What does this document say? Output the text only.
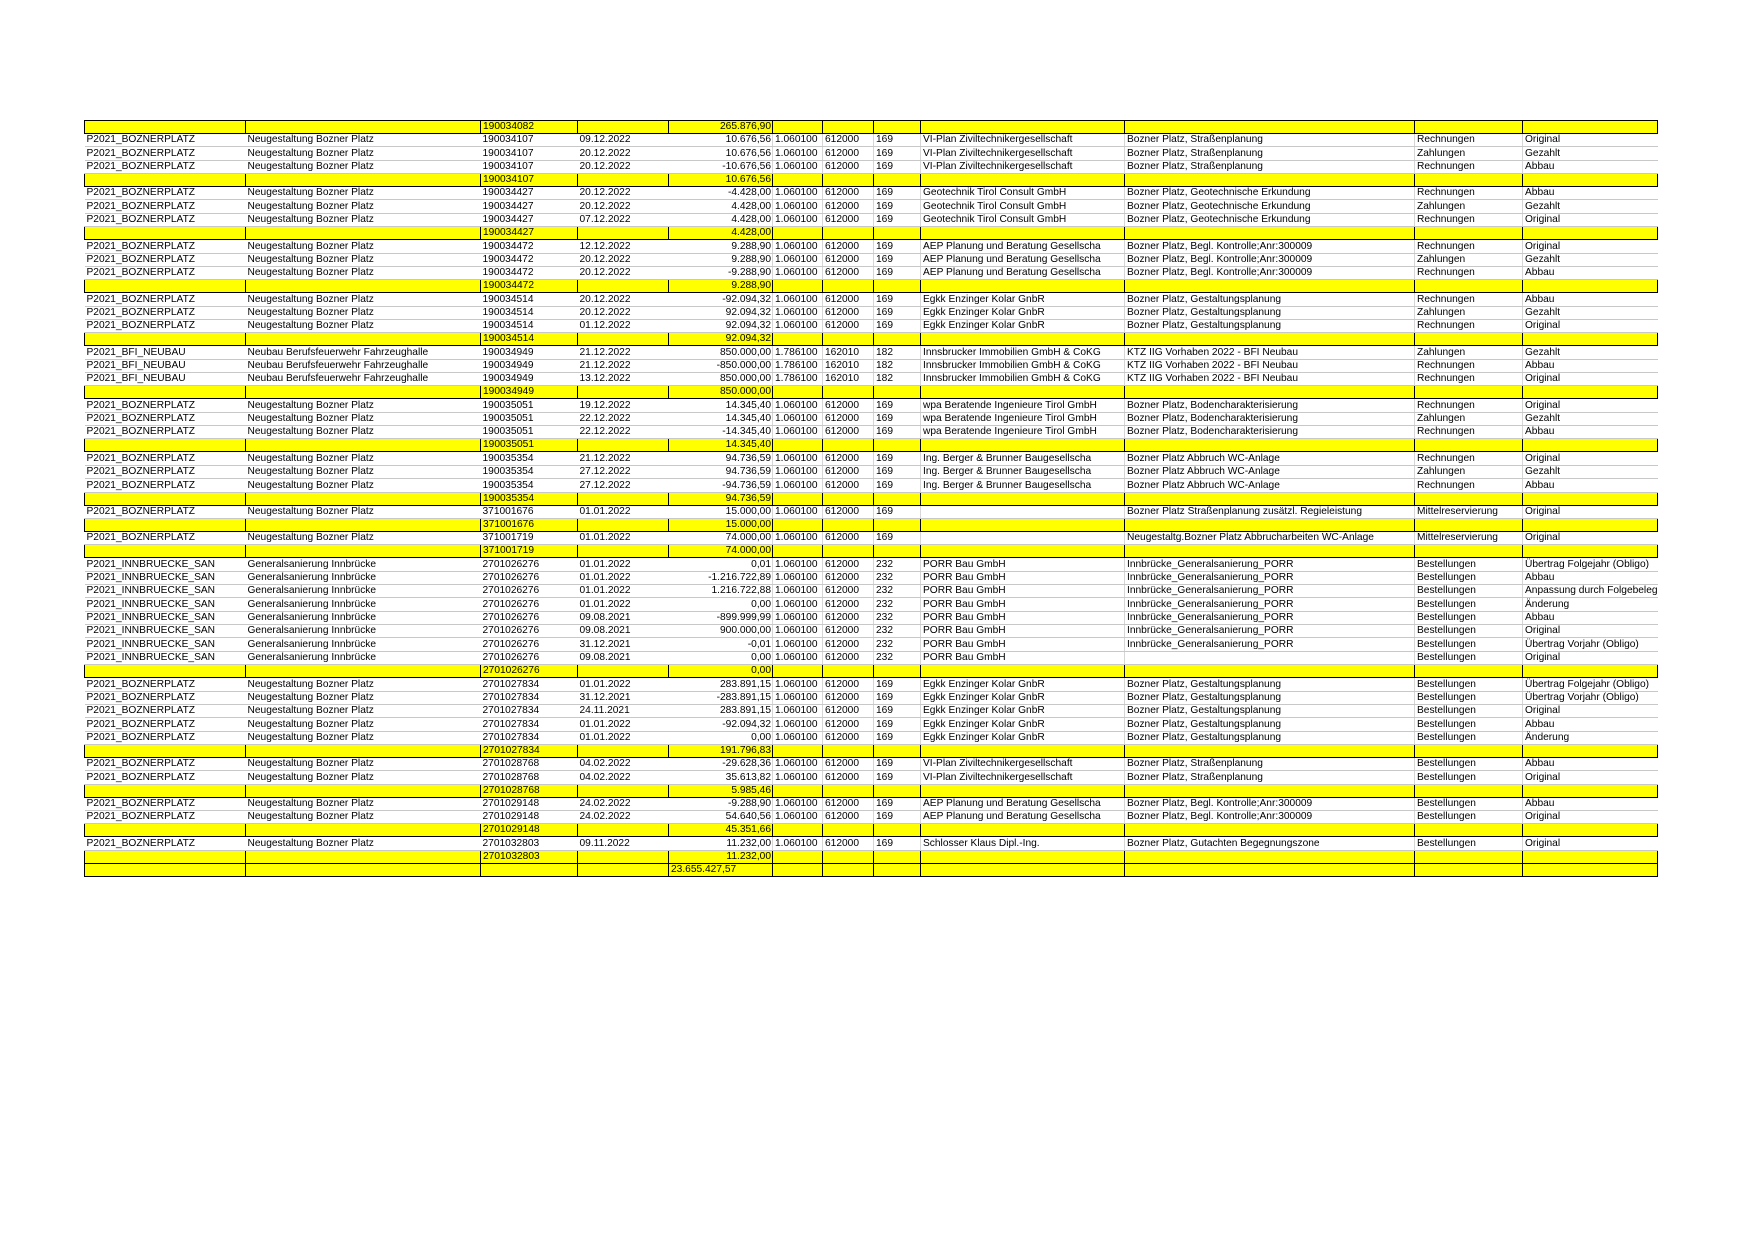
		190034082		265.876,90							
P2021_BOZNERPLATZ	Neugestaltung Bozner Platz	190034107	09.12.2022	10.676,56	1.060100	612000	169	VI-Plan Ziviltechnikergesellschaft	Bozner Platz, Straßenplanung	Rechnungen	Original
P2021_BOZNERPLATZ	Neugestaltung Bozner Platz	190034107	20.12.2022	10.676,56	1.060100	612000	169	VI-Plan Ziviltechnikergesellschaft	Bozner Platz, Straßenplanung	Zahlungen	Gezahlt
P2021_BOZNERPLATZ	Neugestaltung Bozner Platz	190034107	20.12.2022	-10.676,56	1.060100	612000	169	VI-Plan Ziviltechnikergesellschaft	Bozner Platz, Straßenplanung	Rechnungen	Abbau
		190034107		10.676,56							
P2021_BOZNERPLATZ	Neugestaltung Bozner Platz	190034427	20.12.2022	-4.428,00	1.060100	612000	169	Geotechnik Tirol Consult GmbH	Bozner Platz, Geotechnische Erkundung	Rechnungen	Abbau
P2021_BOZNERPLATZ	Neugestaltung Bozner Platz	190034427	20.12.2022	4.428,00	1.060100	612000	169	Geotechnik Tirol Consult GmbH	Bozner Platz, Geotechnische Erkundung	Zahlungen	Gezahlt
P2021_BOZNERPLATZ	Neugestaltung Bozner Platz	190034427	07.12.2022	4.428,00	1.060100	612000	169	Geotechnik Tirol Consult GmbH	Bozner Platz, Geotechnische Erkundung	Rechnungen	Original
		190034427		4.428,00							
P2021_BOZNERPLATZ	Neugestaltung Bozner Platz	190034472	12.12.2022	9.288,90	1.060100	612000	169	AEP Planung und Beratung Gesellscha	Bozner Platz, Begl. Kontrolle;Anr:300009	Rechnungen	Original
P2021_BOZNERPLATZ	Neugestaltung Bozner Platz	190034472	20.12.2022	9.288,90	1.060100	612000	169	AEP Planung und Beratung Gesellscha	Bozner Platz, Begl. Kontrolle;Anr:300009	Zahlungen	Gezahlt
P2021_BOZNERPLATZ	Neugestaltung Bozner Platz	190034472	20.12.2022	-9.288,90	1.060100	612000	169	AEP Planung und Beratung Gesellscha	Bozner Platz, Begl. Kontrolle;Anr:300009	Rechnungen	Abbau
		190034472		9.288,90							
P2021_BOZNERPLATZ	Neugestaltung Bozner Platz	190034514	20.12.2022	-92.094,32	1.060100	612000	169	Egkk Enzinger Kolar GnbR	Bozner Platz, Gestaltungsplanung	Rechnungen	Abbau
P2021_BOZNERPLATZ	Neugestaltung Bozner Platz	190034514	20.12.2022	92.094,32	1.060100	612000	169	Egkk Enzinger Kolar GnbR	Bozner Platz, Gestaltungsplanung	Zahlungen	Gezahlt
P2021_BOZNERPLATZ	Neugestaltung Bozner Platz	190034514	01.12.2022	92.094,32	1.060100	612000	169	Egkk Enzinger Kolar GnbR	Bozner Platz, Gestaltungsplanung	Rechnungen	Original
		190034514		92.094,32							
P2021_BFI_NEUBAU	Neubau Berufsfeuerwehr Fahrzeughalle	190034949	21.12.2022	850.000,00	1.786100	162010	182	Innsbrucker Immobilien GmbH & CoKG	KTZ IIG Vorhaben 2022 - BFI Neubau	Zahlungen	Gezahlt
P2021_BFI_NEUBAU	Neubau Berufsfeuerwehr Fahrzeughalle	190034949	21.12.2022	-850.000,00	1.786100	162010	182	Innsbrucker Immobilien GmbH & CoKG	KTZ IIG Vorhaben 2022 - BFI Neubau	Rechnungen	Abbau
P2021_BFI_NEUBAU	Neubau Berufsfeuerwehr Fahrzeughalle	190034949	13.12.2022	850.000,00	1.786100	162010	182	Innsbrucker Immobilien GmbH & CoKG	KTZ IIG Vorhaben 2022 - BFI Neubau	Rechnungen	Original
		190034949		850.000,00							
P2021_BOZNERPLATZ	Neugestaltung Bozner Platz	190035051	19.12.2022	14.345,40	1.060100	612000	169	wpa Beratende Ingenieure Tirol GmbH	Bozner Platz, Bodencharakterisierung	Rechnungen	Original
P2021_BOZNERPLATZ	Neugestaltung Bozner Platz	190035051	22.12.2022	14.345,40	1.060100	612000	169	wpa Beratende Ingenieure Tirol GmbH	Bozner Platz, Bodencharakterisierung	Zahlungen	Gezahlt
P2021_BOZNERPLATZ	Neugestaltung Bozner Platz	190035051	22.12.2022	-14.345,40	1.060100	612000	169	wpa Beratende Ingenieure Tirol GmbH	Bozner Platz, Bodencharakterisierung	Rechnungen	Abbau
		190035051		14.345,40							
P2021_BOZNERPLATZ	Neugestaltung Bozner Platz	190035354	21.12.2022	94.736,59	1.060100	612000	169	Ing. Berger & Brunner Baugesellscha	Bozner Platz Abbruch WC-Anlage	Rechnungen	Original
P2021_BOZNERPLATZ	Neugestaltung Bozner Platz	190035354	27.12.2022	94.736,59	1.060100	612000	169	Ing. Berger & Brunner Baugesellscha	Bozner Platz Abbruch WC-Anlage	Zahlungen	Gezahlt
P2021_BOZNERPLATZ	Neugestaltung Bozner Platz	190035354	27.12.2022	-94.736,59	1.060100	612000	169	Ing. Berger & Brunner Baugesellscha	Bozner Platz Abbruch WC-Anlage	Rechnungen	Abbau
		190035354		94.736,59							
P2021_BOZNERPLATZ	Neugestaltung Bozner Platz	371001676	01.01.2022	15.000,00	1.060100	612000	169		Bozner Platz Straßenplanung zusätzl. Regieleistung	Mittelreservierung	Original
		371001676		15.000,00							
P2021_BOZNERPLATZ	Neugestaltung Bozner Platz	371001719	01.01.2022	74.000,00	1.060100	612000	169		Neugestaltg.Bozner Platz Abbrucharbeiten WC-Anlage	Mittelreservierung	Original
		371001719		74.000,00							
P2021_INNBRUECKE_SAN	Generalsanierung Innbrücke	2701026276	01.01.2022	0,01	1.060100	612000	232	PORR Bau GmbH	Innbrücke_Generalsanierung_PORR	Bestellungen	Übertrag Folgejahr (Obligo)
P2021_INNBRUECKE_SAN	Generalsanierung Innbrücke	2701026276	01.01.2022	-1.216.722,89	1.060100	612000	232	PORR Bau GmbH	Innbrücke_Generalsanierung_PORR	Bestellungen	Abbau
P2021_INNBRUECKE_SAN	Generalsanierung Innbrücke	2701026276	01.01.2022	1.216.722,88	1.060100	612000	232	PORR Bau GmbH	Innbrücke_Generalsanierung_PORR	Bestellungen	Anpassung durch Folgebeleg
P2021_INNBRUECKE_SAN	Generalsanierung Innbrücke	2701026276	01.01.2022	0,00	1.060100	612000	232	PORR Bau GmbH	Innbrücke_Generalsanierung_PORR	Bestellungen	Änderung
P2021_INNBRUECKE_SAN	Generalsanierung Innbrücke	2701026276	09.08.2021	-899.999,99	1.060100	612000	232	PORR Bau GmbH	Innbrücke_Generalsanierung_PORR	Bestellungen	Abbau
P2021_INNBRUECKE_SAN	Generalsanierung Innbrücke	2701026276	09.08.2021	900.000,00	1.060100	612000	232	PORR Bau GmbH	Innbrücke_Generalsanierung_PORR	Bestellungen	Original
P2021_INNBRUECKE_SAN	Generalsanierung Innbrücke	2701026276	31.12.2021	-0,01	1.060100	612000	232	PORR Bau GmbH	Innbrücke_Generalsanierung_PORR	Bestellungen	Übertrag Vorjahr (Obligo)
P2021_INNBRUECKE_SAN	Generalsanierung Innbrücke	2701026276	09.08.2021	0,00	1.060100	612000	232	PORR Bau GmbH		Bestellungen	Original
		2701026276		0,00							
P2021_BOZNERPLATZ	Neugestaltung Bozner Platz	2701027834	01.01.2022	283.891,15	1.060100	612000	169	Egkk Enzinger Kolar GnbR	Bozner Platz, Gestaltungsplanung	Bestellungen	Übertrag Folgejahr (Obligo)
P2021_BOZNERPLATZ	Neugestaltung Bozner Platz	2701027834	31.12.2021	-283.891,15	1.060100	612000	169	Egkk Enzinger Kolar GnbR	Bozner Platz, Gestaltungsplanung	Bestellungen	Übertrag Vorjahr (Obligo)
P2021_BOZNERPLATZ	Neugestaltung Bozner Platz	2701027834	24.11.2021	283.891,15	1.060100	612000	169	Egkk Enzinger Kolar GnbR	Bozner Platz, Gestaltungsplanung	Bestellungen	Original
P2021_BOZNERPLATZ	Neugestaltung Bozner Platz	2701027834	01.01.2022	-92.094,32	1.060100	612000	169	Egkk Enzinger Kolar GnbR	Bozner Platz, Gestaltungsplanung	Bestellungen	Abbau
P2021_BOZNERPLATZ	Neugestaltung Bozner Platz	2701027834	01.01.2022	0,00	1.060100	612000	169	Egkk Enzinger Kolar GnbR	Bozner Platz, Gestaltungsplanung	Bestellungen	Änderung
		2701027834		191.796,83							
P2021_BOZNERPLATZ	Neugestaltung Bozner Platz	2701028768	04.02.2022	-29.628,36	1.060100	612000	169	VI-Plan Ziviltechnikergesellschaft	Bozner Platz, Straßenplanung	Bestellungen	Abbau
P2021_BOZNERPLATZ	Neugestaltung Bozner Platz	2701028768	04.02.2022	35.613,82	1.060100	612000	169	VI-Plan Ziviltechnikergesellschaft	Bozner Platz, Straßenplanung	Bestellungen	Original
		2701028768		5.985,46							
P2021_BOZNERPLATZ	Neugestaltung Bozner Platz	2701029148	24.02.2022	-9.288,90	1.060100	612000	169	AEP Planung und Beratung Gesellscha	Bozner Platz, Begl. Kontrolle;Anr:300009	Bestellungen	Abbau
P2021_BOZNERPLATZ	Neugestaltung Bozner Platz	2701029148	24.02.2022	54.640,56	1.060100	612000	169	AEP Planung und Beratung Gesellscha	Bozner Platz, Begl. Kontrolle;Anr:300009	Bestellungen	Original
		2701029148		45.351,66							
P2021_BOZNERPLATZ	Neugestaltung Bozner Platz	2701032803	09.11.2022	11.232,00	1.060100	612000	169	Schlosser Klaus Dipl.-Ing.	Bozner Platz, Gutachten Begegnungszone	Bestellungen	Original
		2701032803		11.232,00							
				23.655.427,57							
